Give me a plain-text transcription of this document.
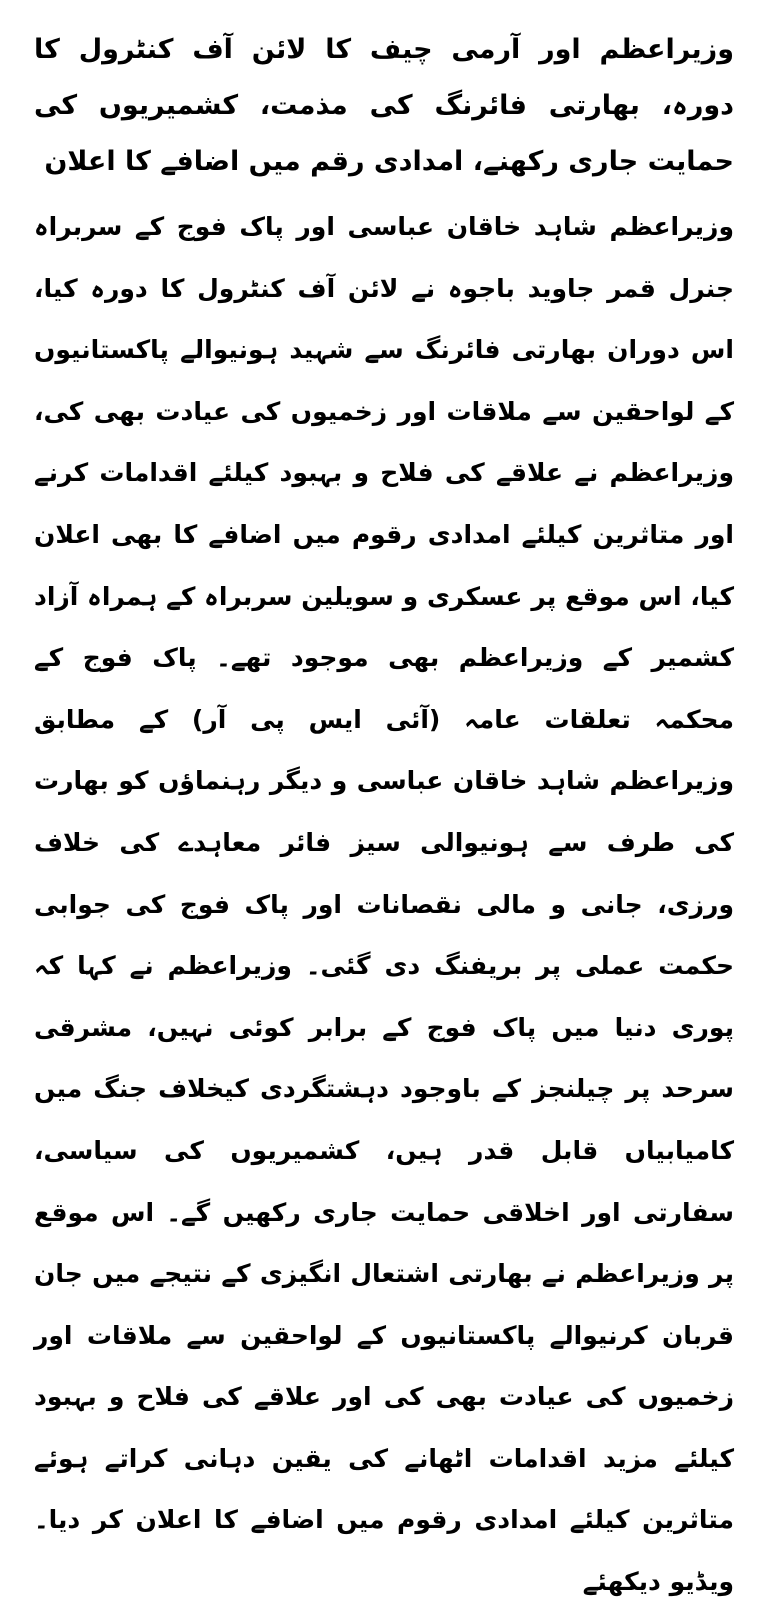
وزیراعظم اور آرمی چیف کا لائن آف کنٹرول کا دورہ، بھارتی فائرنگ کی مذمت، کشمیریوں کی حمایت جاری رکھنے، امدادی رقم میں اضافے کا اعلان

وزیراعظم شاہد خاقان عباسی اور پاک فوج کے سربراہ جنرل قمر جاوید باجوہ نے لائن آف کنٹرول کا دورہ کیا، اس دوران بھارتی فائرنگ سے شہید ہونیوالے پاکستانیوں کے لواحقین سے ملاقات اور زخمیوں کی عیادت بھی کی، وزیراعظم نے علاقے کی فلاح و بہبود کیلئے اقدامات کرنے اور متاثرین کیلئے امدادی رقوم میں اضافے کا بھی اعلان کیا، اس موقع پر عسکری و سویلین سربراہ کے ہمراہ آزاد کشمیر کے وزیراعظم بھی موجود تھے۔ پاک فوج کے محکمہ تعلقات عامہ (آئی ایس پی آر) کے مطابق وزیراعظم شاہد خاقان عباسی و دیگر رہنماؤں کو بھارت کی طرف سے ہونیوالی سیز فائر معاہدے کی خلاف ورزی، جانی و مالی نقصانات اور پاک فوج کی جوابی حکمت عملی پر بریفنگ دی گئی۔ وزیراعظم نے کہا کہ پوری دنیا میں پاک فوج کے برابر کوئی نہیں، مشرقی سرحد پر چیلنجز کے باوجود دہشتگردی کیخلاف جنگ میں کامیابیاں قابل قدر ہیں، کشمیریوں کی سیاسی، سفارتی اور اخلاقی حمایت جاری رکھیں گے۔ اس موقع پر وزیراعظم نے بھارتی اشتعال انگیزی کے نتیجے میں جان قربان کرنیوالے پاکستانیوں کے لواحقین سے ملاقات اور زخمیوں کی عیادت بھی کی اور علاقے کی فلاح و بہبود کیلئے مزید اقدامات اٹھانے کی یقین دہانی کراتے ہوئے متاثرین کیلئے امدادی رقوم میں اضافے کا اعلان کر دیا۔ ویڈیو دیکھئے
